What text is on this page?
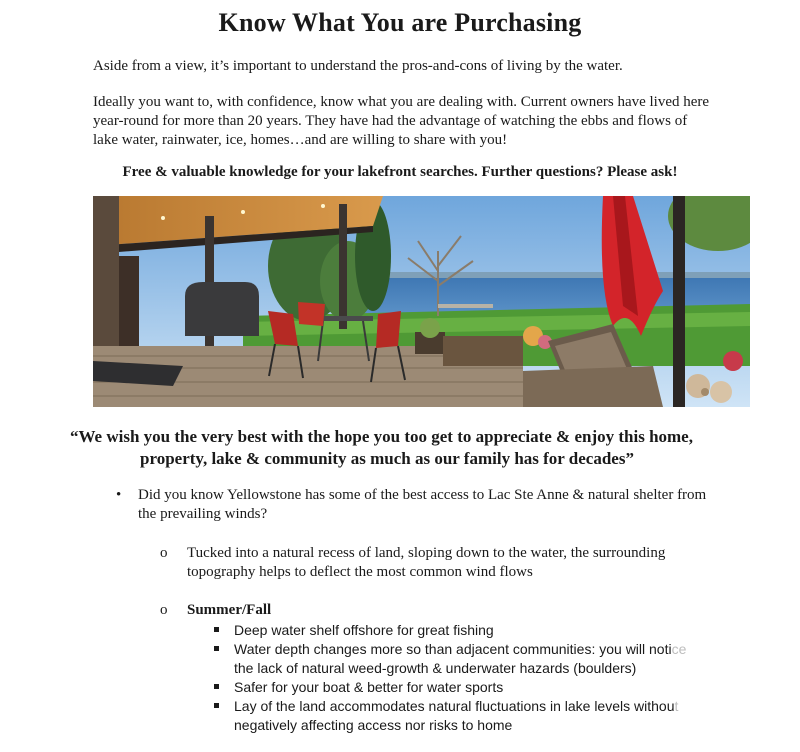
Know What You are Purchasing
Aside from a view, it’s important to understand the pros-and-cons of living by the water.
Ideally you want to, with confidence, know what you are dealing with. Current owners have lived here year-round for more than 20 years. They have had the advantage of watching the ebbs and flows of lake water, rainwater, ice, homes…and are willing to share with you!
Free & valuable knowledge for your lakefront searches. Further questions? Please ask!
“We wish you the very best with the hope you too get to appreciate & enjoy this home,
property, lake & community as much as our family has for decades”
• Did you know Yellowstone has some of the best access to Lac Ste Anne & natural shelter from the prevailing winds?
o Tucked into a natural recess of land, sloping down to the water, the surrounding topography helps to deflect the most common wind flows
o Summer/Fall
Deep water shelf offshore for great fishing
Water depth changes more so than adjacent communities: you will notice
the lack of natural weed-growth & underwater hazards (boulders)
Safer for your boat & better for water sports
Lay of the land accommodates natural fluctuations in lake levels without
negatively affecting access nor risks to home
